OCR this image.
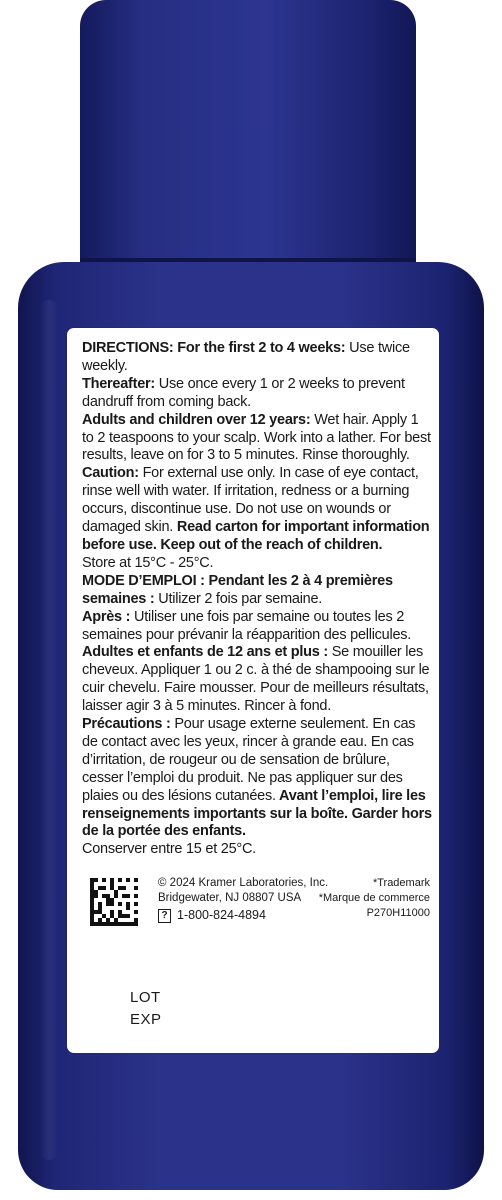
DIRECTIONS: For the first 2 to 4 weeks: Use twice weekly.

Thereafter: Use once every 1 or 2 weeks to prevent dandruff from coming back.

Adults and children over 12 years: Wet hair. Apply 1 to 2 teaspoons to your scalp. Work into a lather. For best results, leave on for 3 to 5 minutes. Rinse thoroughly.

Caution: For external use only. In case of eye contact, rinse well with water. If irritation, redness or a burning occurs, discontinue use. Do not use on wounds or damaged skin. Read carton for important information before use. Keep out of the reach of children.

Store at 15°C - 25°C.

MODE D’EMPLOI : Pendant les 2 à 4 premières semaines : Utilizer 2 fois par semaine.

Après : Utiliser une fois par semaine ou toutes les 2 semaines pour prévanir la réapparition des pellicules.

Adultes et enfants de 12 ans et plus : Se mouiller les cheveux. Appliquer 1 ou 2 c. à thé de shampooing sur le cuir chevelu. Faire mousser. Pour de meilleurs résultats, laisser agir 3 à 5 minutes. Rincer à fond.

Précautions : Pour usage externe seulement. En cas de contact avec les yeux, rincer à grande eau. En cas d’irritation, de rougeur ou de sensation de brûlure, cesser l’emploi du produit. Ne pas appliquer sur des plaies ou des lésions cutanées. Avant l’emploi, lire les renseignements importants sur la boîte. Garder hors de la portée des enfants.

Conserver entre 15 et 25°C.

© 2024 Kramer Laboratories, Inc.
Bridgewater, NJ 08807 USA
? 1-800-824-4894
*Trademark
*Marque de commerce
P270H11000
LOT
EXP
